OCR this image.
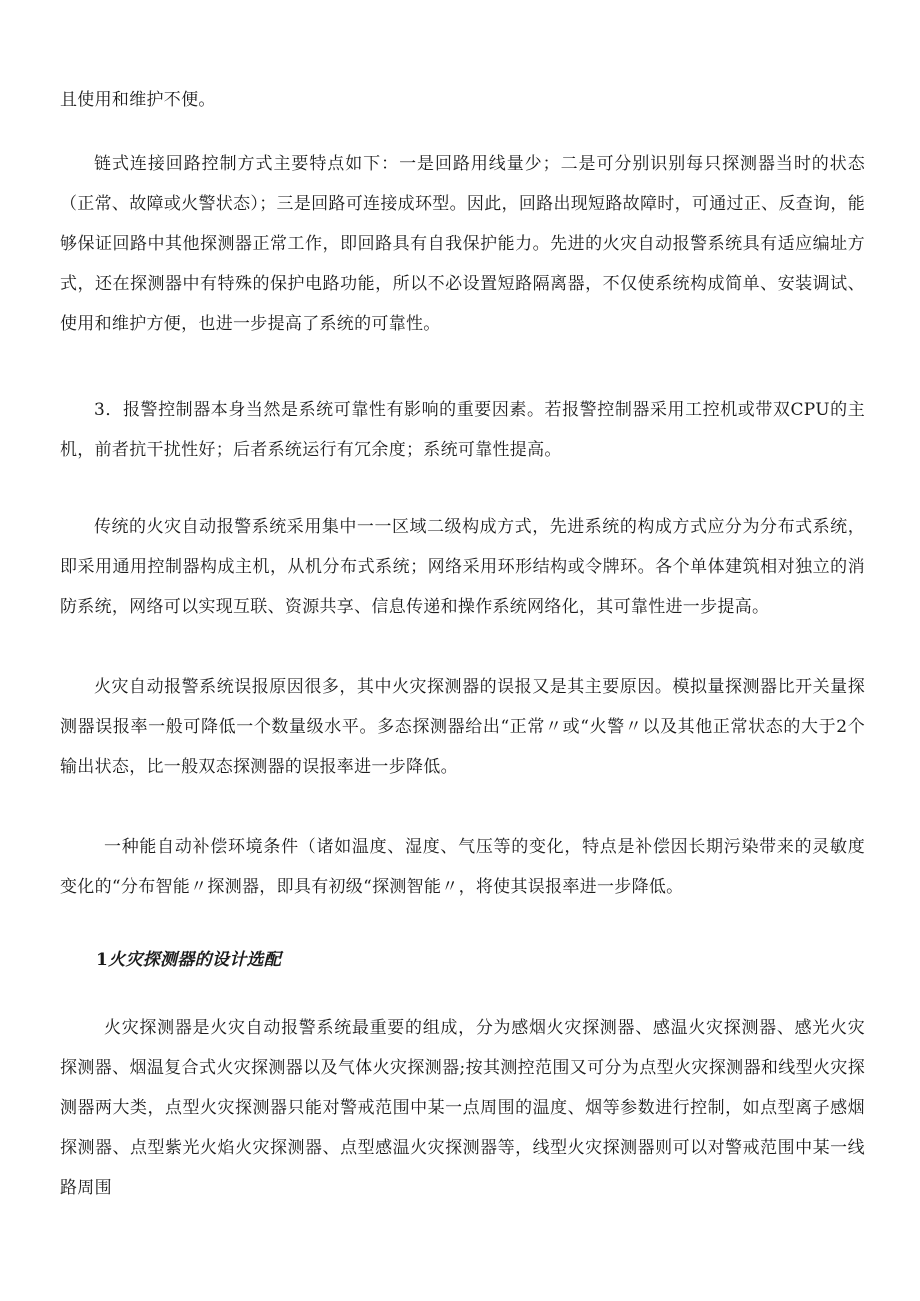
且使用和维护不便。

链式连接回路控制方式主要特点如下：一是回路用线量少；二是可分别识别每只探测器当时的状态（正常、故障或火警状态）；三是回路可连接成环型。因此，回路出现短路故障时，可通过正、反查询，能够保证回路中其他探测器正常工作，即回路具有自我保护能力。先进的火灾自动报警系统具有适应编址方式，还在探测器中有特殊的保护电路功能，所以不必设置短路隔离器，不仅使系统构成简单、安装调试、使用和维护方便，也进一步提高了系统的可靠性。

3．报警控制器本身当然是系统可靠性有影响的重要因素。若报警控制器采用工控机或带双CPU的主机，前者抗干扰性好；后者系统运行有冗余度；系统可靠性提高。

传统的火灾自动报警系统采用集中一一区域二级构成方式，先进系统的构成方式应分为分布式系统，即采用通用控制器构成主机，从机分布式系统；网络采用环形结构或令牌环。各个单体建筑相对独立的消防系统，网络可以实现互联、资源共享、信息传递和操作系统网络化，其可靠性进一步提高。

火灾自动报警系统误报原因很多，其中火灾探测器的误报又是其主要原因。模拟量探测器比开关量探测器误报率一般可降低一个数量级水平。多态探测器给出“正常〃或“火警〃以及其他正常状态的大于2个输出状态，比一般双态探测器的误报率进一步降低。

一种能自动补偿环境条件（诸如温度、湿度、气压等的变化，特点是补偿因长期污染带来的灵敏度变化的“分布智能〃探测器，即具有初级“探测智能〃，将使其误报率进一步降低。

1火灾探测器的设计选配

火灾探测器是火灾自动报警系统最重要的组成，分为感烟火灾探测器、感温火灾探测器、感光火灾探测器、烟温复合式火灾探测器以及气体火灾探测器;按其测控范围又可分为点型火灾探测器和线型火灾探测器两大类，点型火灾探测器只能对警戒范围中某一点周围的温度、烟等参数进行控制，如点型离子感烟探测器、点型紫光火焰火灾探测器、点型感温火灾探测器等，线型火灾探测器则可以对警戒范围中某一线路周围
